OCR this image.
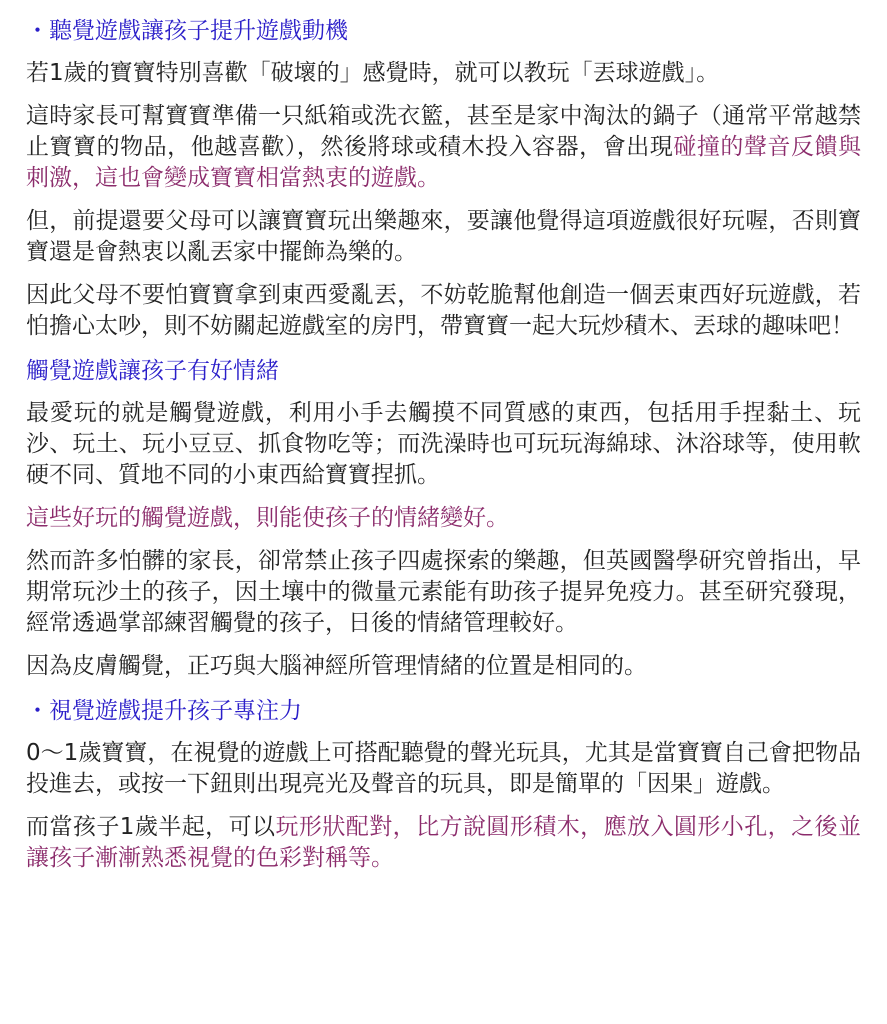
・聽覺遊戲讓孩子提升遊戲動機

若1歲的寶寶特別喜歡「破壞的」感覺時，就可以教玩「丟球遊戲」。

這時家長可幫寶寶準備一只紙箱或洗衣籃，甚至是家中淘汰的鍋子（通常平常越禁止寶寶的物品，他越喜歡），然後將球或積木投入容器，會出現碰撞的聲音反饋與刺激，這也會變成寶寶相當熱衷的遊戲。

但，前提還要父母可以讓寶寶玩出樂趣來，要讓他覺得這項遊戲很好玩喔，否則寶寶還是會熱衷以亂丟家中擺飾為樂的。

因此父母不要怕寶寶拿到東西愛亂丟，不妨乾脆幫他創造一個丟東西好玩遊戲，若怕擔心太吵，則不妨關起遊戲室的房門，帶寶寶一起大玩炒積木、丟球的趣味吧！

觸覺遊戲讓孩子有好情緒

最愛玩的就是觸覺遊戲，利用小手去觸摸不同質感的東西，包括用手捏黏土、玩沙、玩土、玩小豆豆、抓食物吃等；而洗澡時也可玩玩海綿球、沐浴球等，使用軟硬不同、質地不同的小東西給寶寶捏抓。

這些好玩的觸覺遊戲，則能使孩子的情緒變好。

然而許多怕髒的家長，卻常禁止孩子四處探索的樂趣，但英國醫學研究曾指出，早期常玩沙土的孩子，因土壤中的微量元素能有助孩子提昇免疫力。甚至研究發現，經常透過掌部練習觸覺的孩子，日後的情緒管理較好。

因為皮膚觸覺，正巧與大腦神經所管理情緒的位置是相同的。

・視覺遊戲提升孩子專注力

0～1歲寶寶，在視覺的遊戲上可搭配聽覺的聲光玩具，尤其是當寶寶自己會把物品投進去，或按一下鈕則出現亮光及聲音的玩具，即是簡單的「因果」遊戲。

而當孩子1歲半起，可以玩形狀配對，比方說圓形積木，應放入圓形小孔，之後並讓孩子漸漸熟悉視覺的色彩對稱等。
